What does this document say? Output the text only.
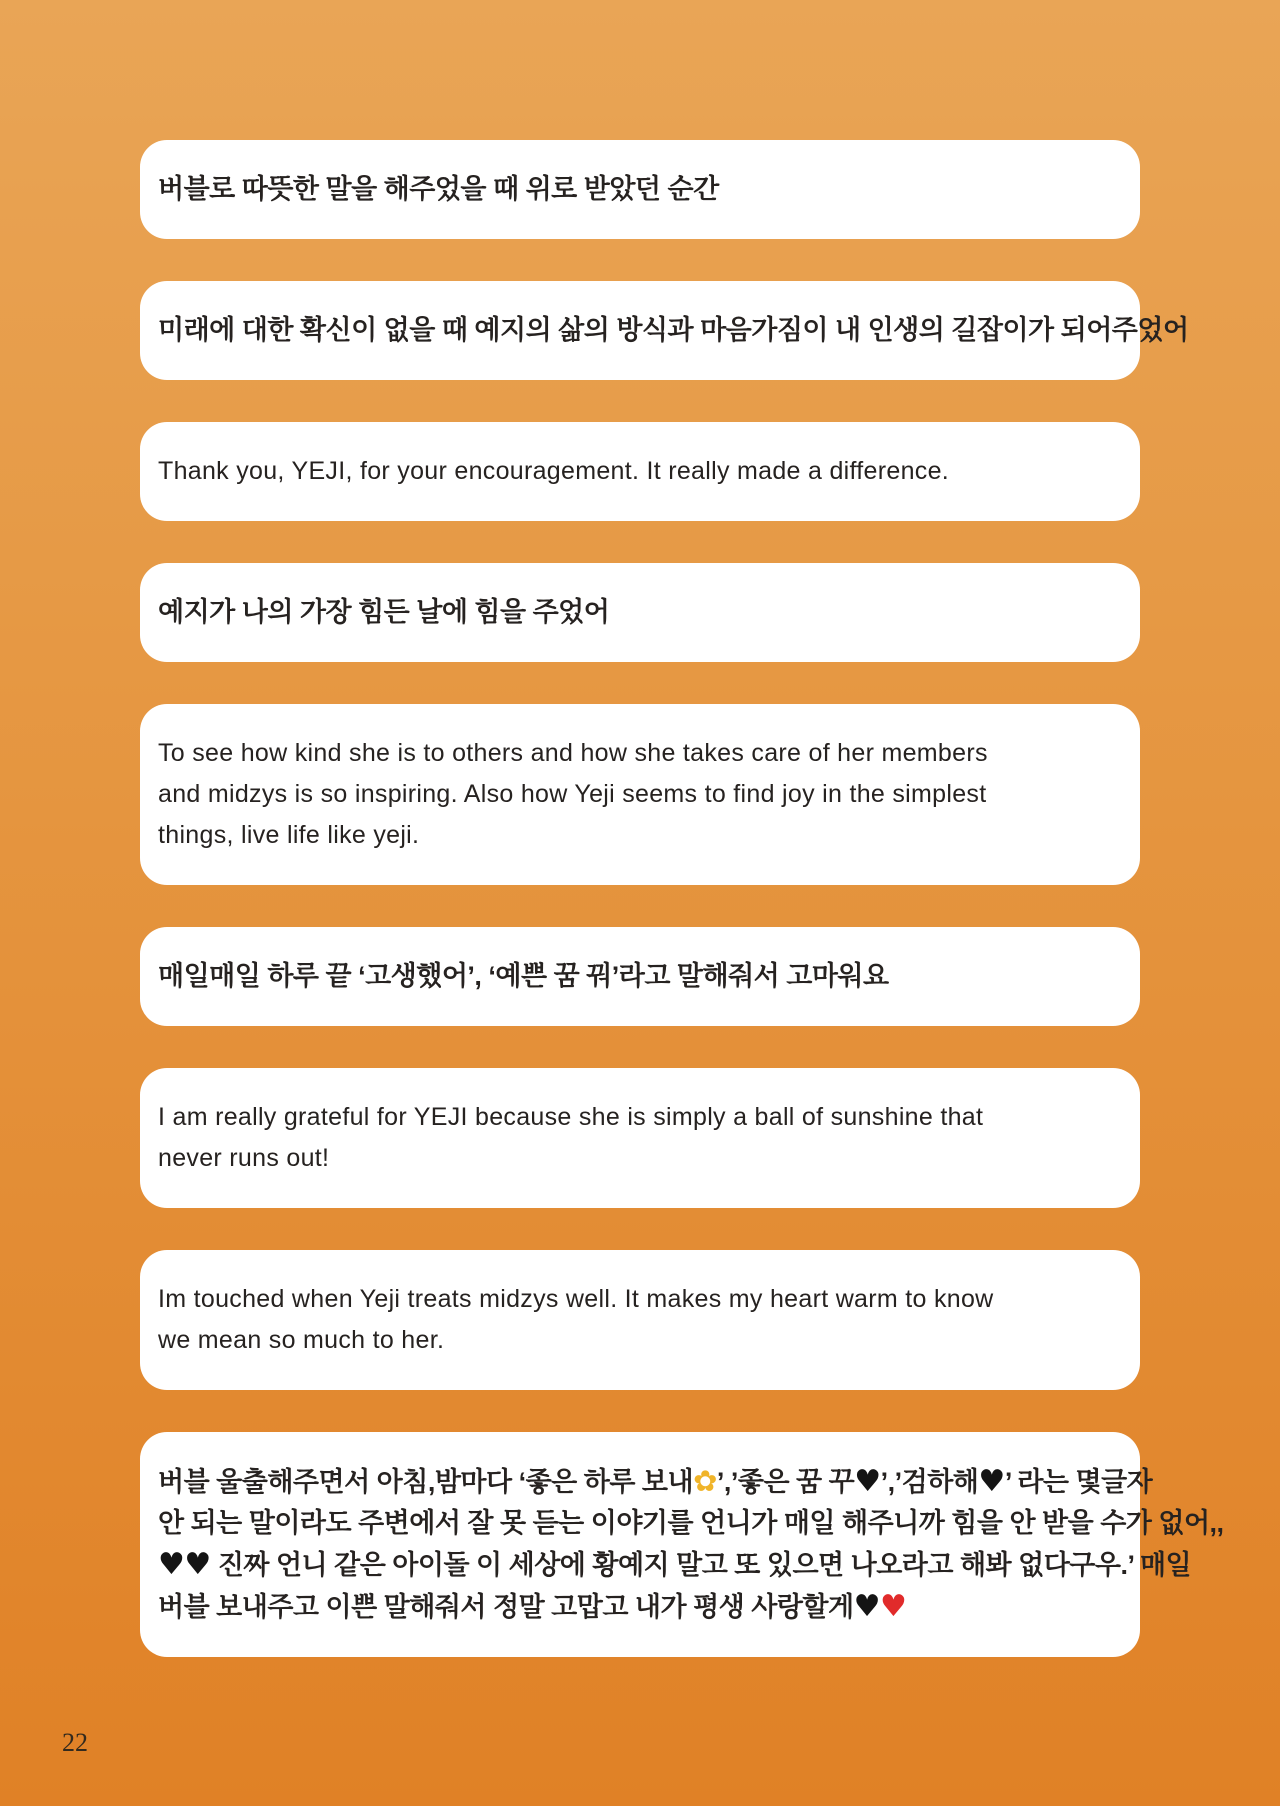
버블로 따뜻한 말을 해주었을 때 위로 받았던 순간
미래에 대한 확신이 없을 때 예지의 삶의 방식과 마음가짐이 내 인생의 길잡이가 되어주었어
Thank you, YEJI, for your encouragement. It really made a difference.
예지가 나의 가장 힘든 날에 힘을 주었어
To see how kind she is to others and how she takes care of her members
and midzys is so inspiring. Also how Yeji seems to find joy in the simplest
things, live life like yeji.
매일매일 하루 끝 ‘고생했어’, ‘예쁜 꿈 꿔’라고 말해줘서 고마워요
I am really grateful for YEJI because she is simply a ball of sunshine that
never runs out!
Im touched when Yeji treats midzys well. It makes my heart warm to know
we mean so much to her.
버블 울출해주면서 아침,밤마다 ‘좋은 하루 보내✿’,’좋은 꿈 꾸♥’,’검하해♥’ 라는 몇글자
안 되는 말이라도 주변에서 잘 못 듣는 이야기를 언니가 매일 해주니까 힘을 안 받을 수가 없어,,
♥♥ 진짜 언니 같은 아이돌 이 세상에 황예지 말고 또 있으면 나오라고 해봐 없다구우.’ 매일
버블 보내주고 이쁜 말해줘서 정말 고맙고 내가 평생 사랑할게♥♥
22
